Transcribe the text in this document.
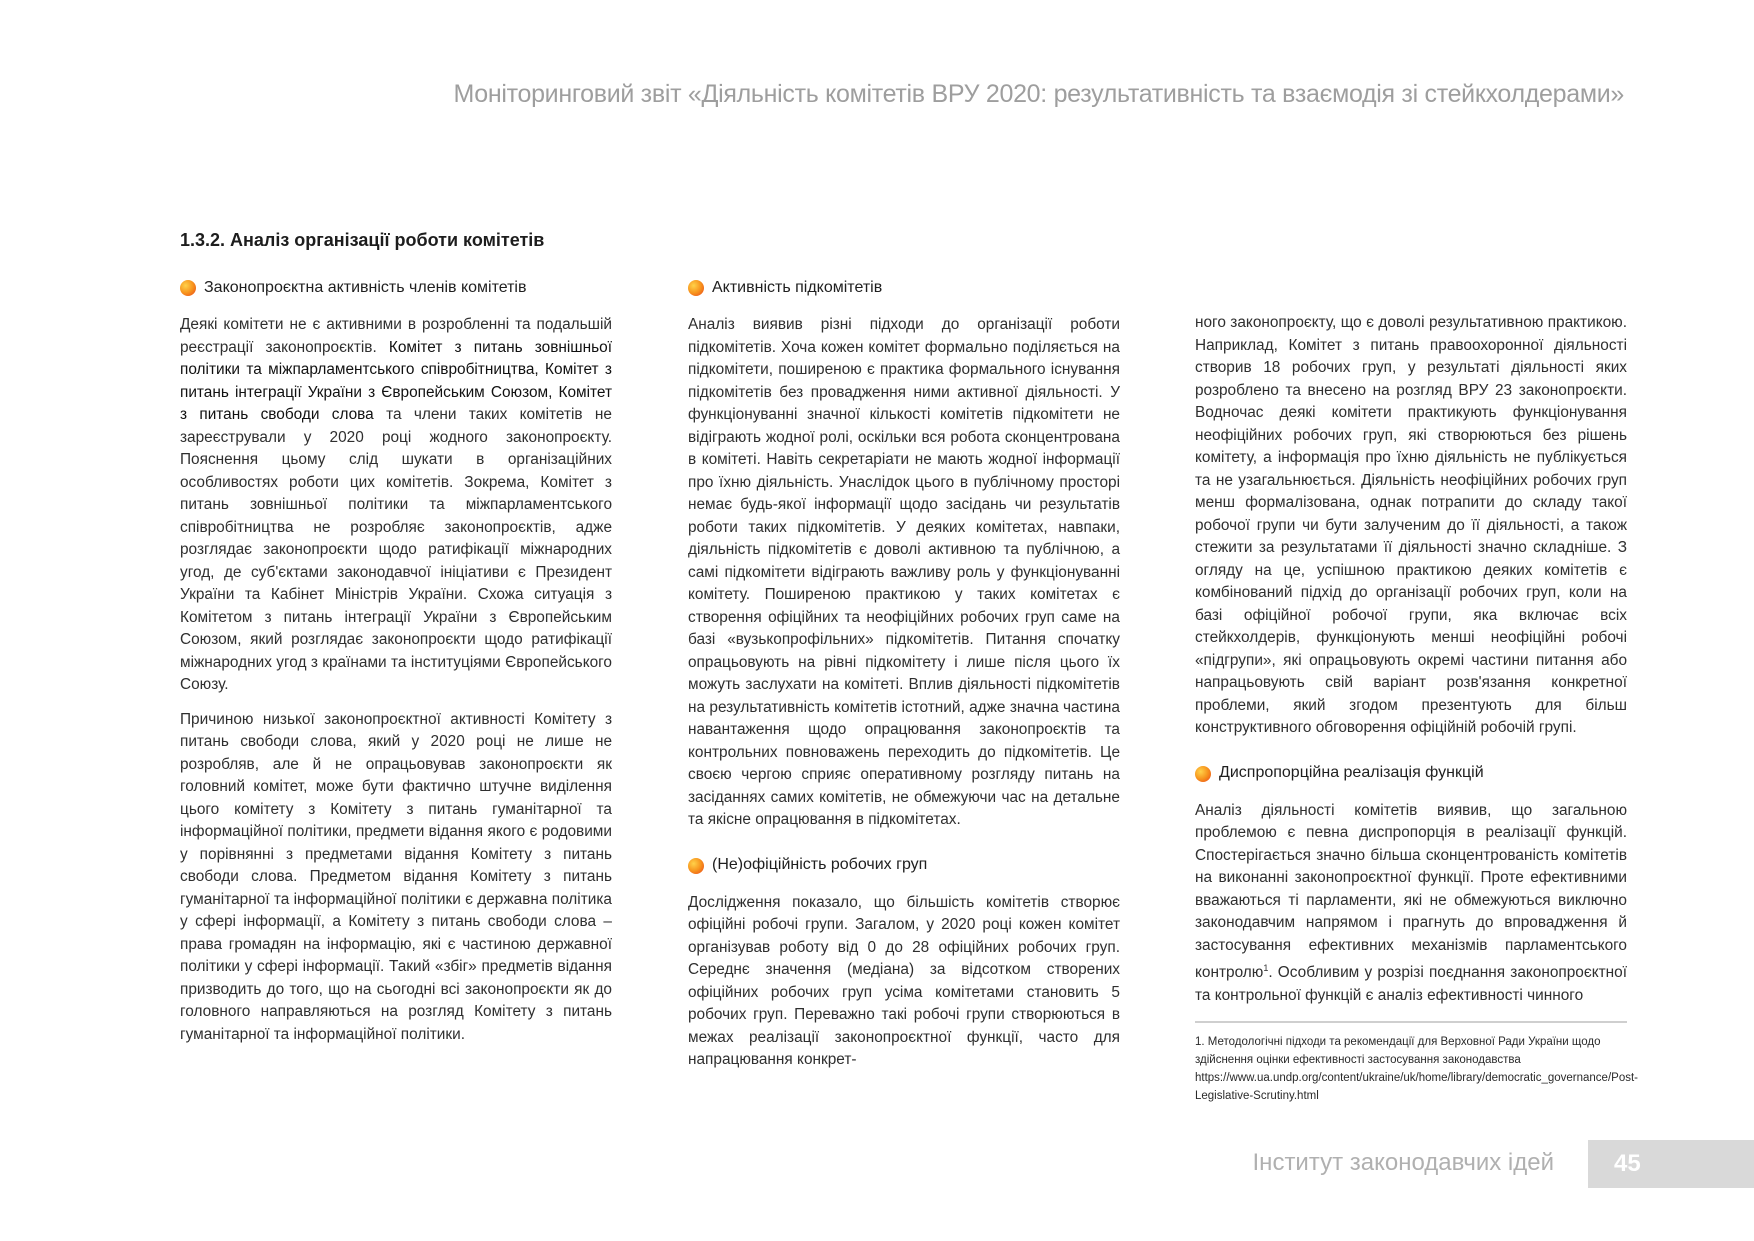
Моніторинговий звіт «Діяльність комітетів ВРУ 2020: результативність та взаємодія зі стейкхолдерами»
1.3.2. Аналіз організації роботи комітетів
Законопроєктна активність членів комітетів

Деякі комітети не є активними в розробленні та подальшій реєстрації законопроєктів. Комітет з питань зовнішньої політики та міжпарламентського співробітництва, Комітет з питань інтеграції України з Європейським Союзом, Комітет з питань свободи слова та члени таких комітетів не зареєстрували у 2020 році жодного законопроєкту. Пояснення цьому слід шукати в організаційних особливостях роботи цих комітетів. Зокрема, Комітет з питань зовнішньої політики та міжпарламентського співробітництва не розробляє законопроєктів, адже розглядає законопроєкти щодо ратифікації міжнародних угод, де суб'єктами законодавчої ініціативи є Президент України та Кабінет Міністрів України. Схожа ситуація з Комітетом з питань інтеграції України з Європейським Союзом, який розглядає законопроєкти щодо ратифікації міжнародних угод з країнами та інституціями Європейського Союзу.

Причиною низької законопроєктної активності Комітету з питань свободи слова, який у 2020 році не лише не розробляв, але й не опрацьовував законопроєкти як головний комітет, може бути фактично штучне виділення цього комітету з Комітету з питань гуманітарної та інформаційної політики, предмети відання якого є родовими у порівнянні з предметами відання Комітету з питань свободи слова. Предметом відання Комітету з питань гуманітарної та інформаційної політики є державна політика у сфері інформації, а Комітету з питань свободи слова – права громадян на інформацію, які є частиною державної політики у сфері інформації. Такий «збіг» предметів відання призводить до того, що на сьогодні всі законопроєкти як до головного направляються на розгляд Комітету з питань гуманітарної та інформаційної політики.

Активність підкомітетів

Аналіз виявив різні підходи до організації роботи підкомітетів. Хоча кожен комітет формально поділяється на підкомітети, поширеною є практика формального існування підкомітетів без провадження ними активної діяльності. У функціонуванні значної кількості комітетів підкомітети не відіграють жодної ролі, оскільки вся робота сконцентрована в комітеті. Навіть секретаріати не мають жодної інформації про їхню діяльність. Унаслідок цього в публічному просторі немає будь-якої інформації щодо засідань чи результатів роботи таких підкомітетів. У деяких комітетах, навпаки, діяльність підкомітетів є доволі активною та публічною, а самі підкомітети відіграють важливу роль у функціонуванні комітету. Поширеною практикою у таких комітетах є створення офіційних та неофіційних робочих груп саме на базі «вузькопрофільних» підкомітетів. Питання спочатку опрацьовують на рівні підкомітету і лише після цього їх можуть заслухати на комітеті. Вплив діяльності підкомітетів на результативність комітетів істотний, адже значна частина навантаження щодо опрацювання законопроєктів та контрольних повноважень переходить до підкомітетів. Це своєю чергою сприяє оперативному розгляду питань на засіданнях самих комітетів, не обмежуючи час на детальне та якісне опрацювання в підкомітетах.

(Не)офіційність робочих груп

Дослідження показало, що більшість комітетів створює офіційні робочі групи. Загалом, у 2020 році кожен комітет організував роботу від 0 до 28 офіційних робочих груп. Середнє значення (медіана) за відсотком створених офіційних робочих груп усіма комітетами становить 5 робочих груп. Переважно такі робочі групи створюються в межах реалізації законопроєктної функції, часто для напрацювання конкрет-

ного законопроєкту, що є доволі результативною практикою. Наприклад, Комітет з питань правоохоронної діяльності створив 18 робочих груп, у результаті діяльності яких розроблено та внесено на розгляд ВРУ 23 законопроєкти. Водночас деякі комітети практикують функціонування неофіційних робочих груп, які створюються без рішень комітету, а інформація про їхню діяльність не публікується та не узагальнюється. Діяльність неофіційних робочих груп менш формалізована, однак потрапити до складу такої робочої групи чи бути залученим до її діяльності, а також стежити за результатами її діяльності значно складніше. З огляду на це, успішною практикою деяких комітетів є комбінований підхід до організації робочих груп, коли на базі офіційної робочої групи, яка включає всіх стейкхолдерів, функціонують менші неофіційні робочі «підгрупи», які опрацьовують окремі частини питання або напрацьовують свій варіант розв'язання конкретної проблеми, який згодом презентують для більш конструктивного обговорення офіційній робочій групі.

Диспропорційна реалізація функцій

Аналіз діяльності комітетів виявив, що загальною проблемою є певна диспропорція в реалізації функцій. Спостерігається значно більша сконцентрованість комітетів на виконанні законопроєктної функції. Проте ефективними вважаються ті парламенти, які не обмежуються виключно законодавчим напрямом і прагнуть до впровадження й застосування ефективних механізмів парламентського контролю$^1$. Особливим у розрізі поєднання законопроєктної та контрольної функцій є аналіз ефективності чинного

1. Методологічні підходи та рекомендації для Верховної Ради України щодо здійснення оцінки ефективності застосування законодавства https://www.ua.undp.org/content/ukraine/uk/home/library/democratic_governance/Post-Legislative-Scrutiny.html
Інститут законодавчих ідей	45
